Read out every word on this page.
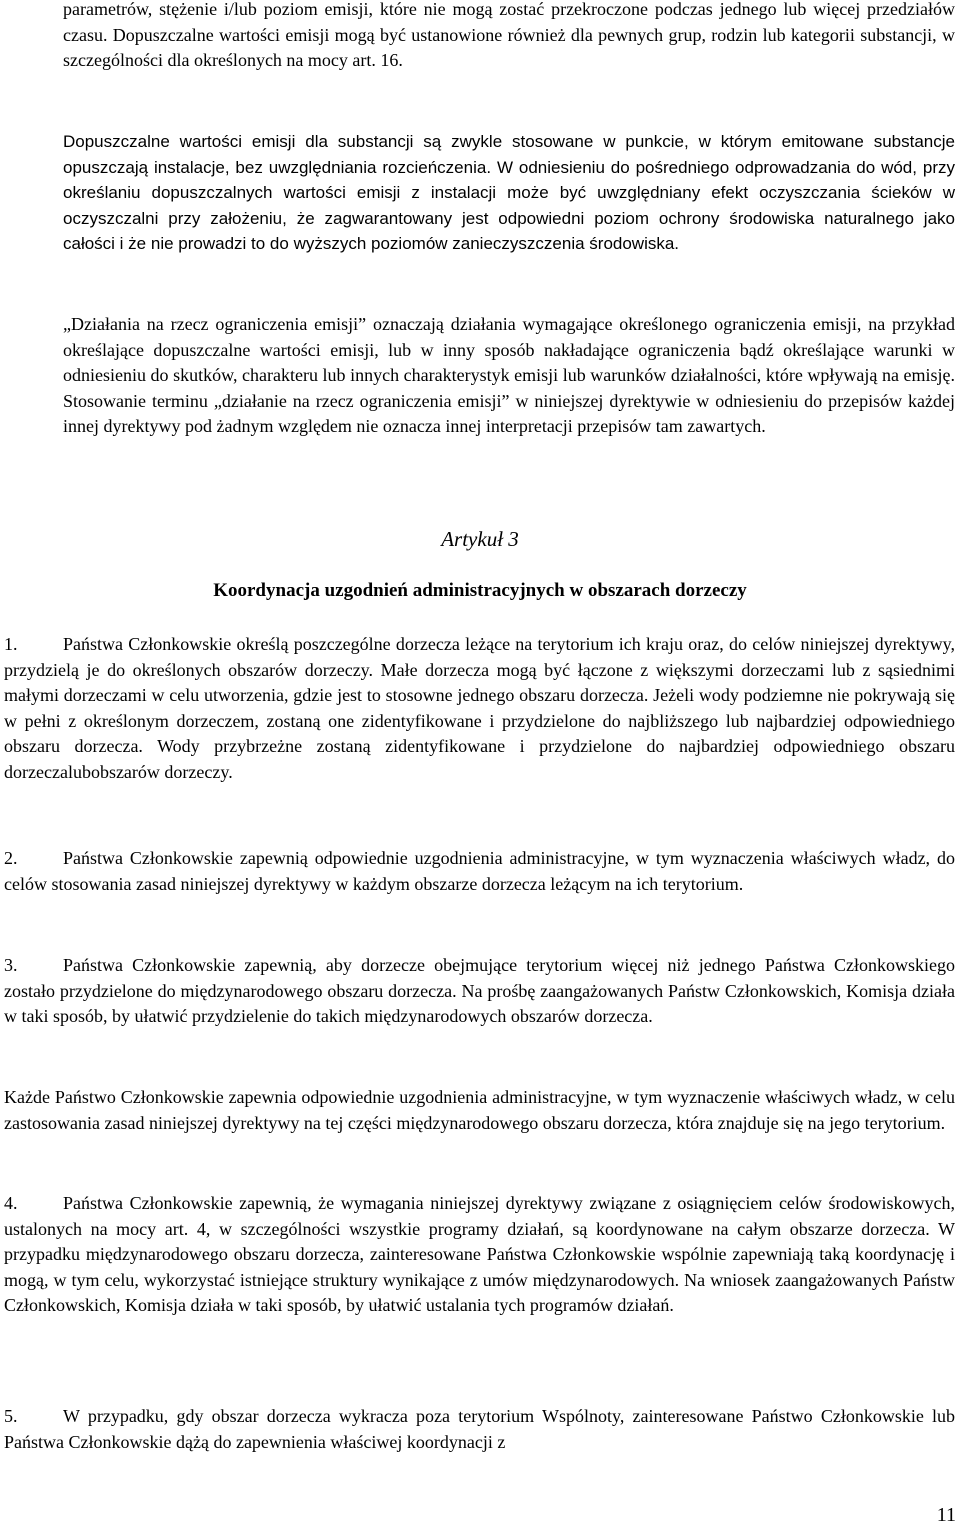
parametrów, stężenie i/lub poziom emisji, które nie mogą zostać przekroczone podczas jednego lub więcej przedziałów czasu. Dopuszczalne wartości emisji mogą być ustanowione również dla pewnych grup, rodzin lub kategorii substancji, w szczególności dla określonych na mocy art. 16.

Dopuszczalne wartości emisji dla substancji są zwykle stosowane w punkcie, w którym emitowane substancje opuszczają instalacje, bez uwzględniania rozcieńczenia. W odniesieniu do pośredniego odprowadzania do wód, przy określaniu dopuszczalnych wartości emisji z instalacji może być uwzględniany efekt oczyszczania ścieków w oczyszczalni przy założeniu, że zagwarantowany jest odpowiedni poziom ochrony środowiska naturalnego jako całości i że nie prowadzi to do wyższych poziomów zanieczyszczenia środowiska.

„Działania na rzecz ograniczenia emisji” oznaczają działania wymagające określonego ograniczenia emisji, na przykład określające dopuszczalne wartości emisji, lub w inny sposób nakładające ograniczenia bądź określające warunki w odniesieniu do skutków, charakteru lub innych charakterystyk emisji lub warunków działalności, które wpływają na emisję. Stosowanie terminu „działanie na rzecz ograniczenia emisji” w niniejszej dyrektywie w odniesieniu do przepisów każdej innej dyrektywy pod żadnym względem nie oznacza innej interpretacji przepisów tam zawartych.

Artykuł 3

Koordynacja uzgodnień administracyjnych w obszarach dorzeczy

1.	Państwa Członkowskie określą poszczególne dorzecza leżące na terytorium ich kraju oraz, do celów niniejszej dyrektywy, przydzielą je do określonych obszarów dorzeczy. Małe dorzecza mogą być łączone z większymi dorzeczami lub z sąsiednimi małymi dorzeczami w celu utworzenia, gdzie jest to stosowne jednego obszaru dorzecza. Jeżeli wody podziemne nie pokrywają się w pełni z określonym dorzeczem, zostaną one zidentyfikowane i przydzielone do najbliższego lub najbardziej odpowiedniego obszaru dorzecza. Wody przybrzeżne zostaną zidentyfikowane i przydzielone do najbardziej odpowiedniego obszaru dorzeczalubobszarów dorzeczy.

2.	Państwa Członkowskie zapewnią odpowiednie uzgodnienia administracyjne, w tym wyznaczenia właściwych władz, do celów stosowania zasad niniejszej dyrektywy w każdym obszarze dorzecza leżącym na ich terytorium.

3.	Państwa Członkowskie zapewnią, aby dorzecze obejmujące terytorium więcej niż jednego Państwa Członkowskiego zostało przydzielone do międzynarodowego obszaru dorzecza. Na prośbę zaangażowanych Państw Członkowskich, Komisja działa w taki sposób, by ułatwić przydzielenie do takich międzynarodowych obszarów dorzecza.

Każde Państwo Członkowskie zapewnia odpowiednie uzgodnienia administracyjne, w tym wyznaczenie właściwych władz, w celu zastosowania zasad niniejszej dyrektywy na tej części międzynarodowego obszaru dorzecza, która znajduje się na jego terytorium.

4.	Państwa Członkowskie zapewnią, że wymagania niniejszej dyrektywy związane z osiągnięciem celów środowiskowych, ustalonych na mocy art. 4, w szczególności wszystkie programy działań, są koordynowane na całym obszarze dorzecza. W przypadku międzynarodowego obszaru dorzecza, zainteresowane Państwa Członkowskie wspólnie zapewniają taką koordynację i mogą, w tym celu, wykorzystać istniejące struktury wynikające z umów międzynarodowych. Na wniosek zaangażowanych Państw Członkowskich, Komisja działa w taki sposób, by ułatwić ustalania tych programów działań.

5.	W przypadku, gdy obszar dorzecza wykracza poza terytorium Wspólnoty, zainteresowane Państwo Członkowskie lub Państwa Członkowskie dążą do zapewnienia właściwej koordynacji z

11
